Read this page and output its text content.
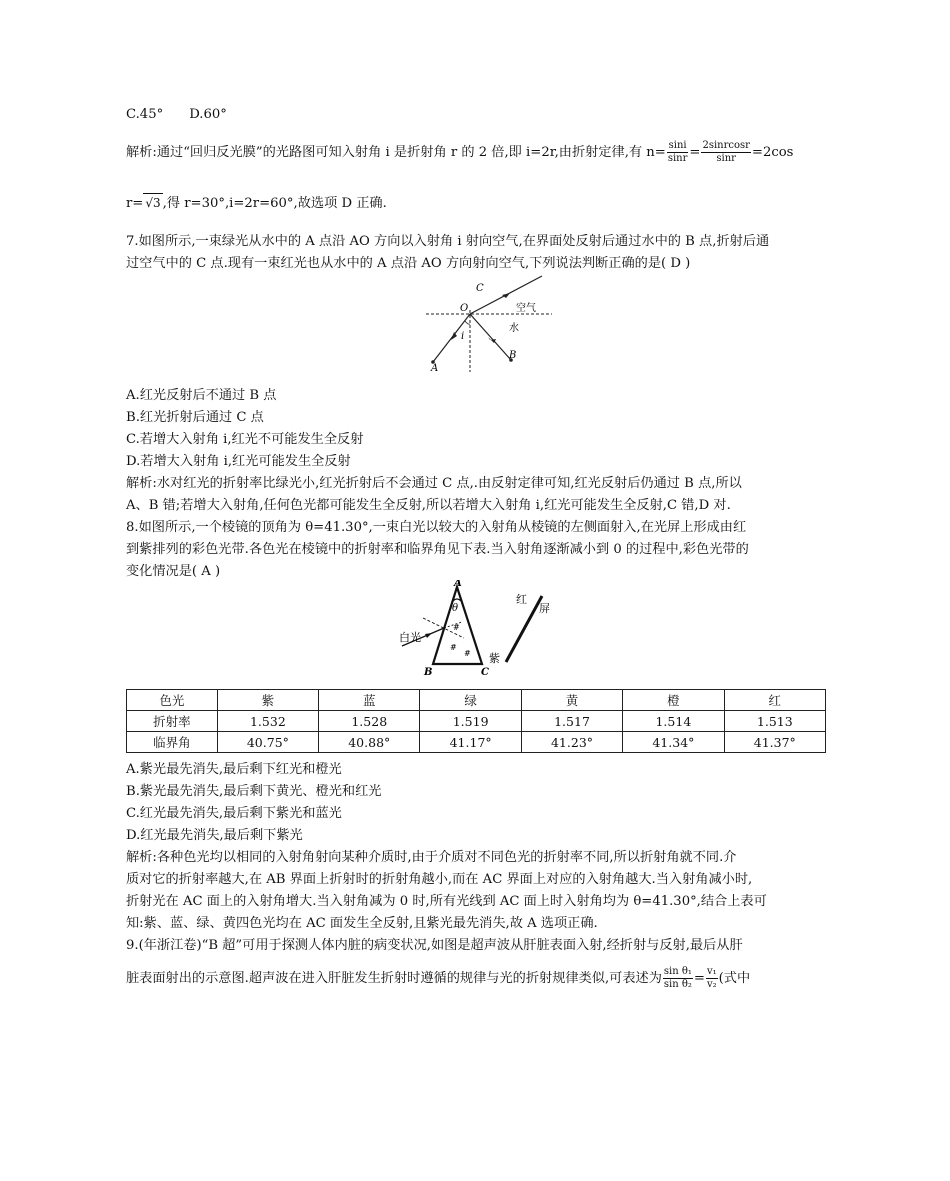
C.45° D.60°
解析:通过“回归反光膜”的光路图可知入射角 i 是折射角 r 的 2 倍,即 i=2r,由折射定律,有 $n= \frac{\sin i}{\sin r} = \frac{\text{2sinrcosr}}{\sin r} =2\cos$
r= √3 ,得 r=30°,i=2r=60°,故选项 D 正确.
7.如图所示,一束绿光从水中的 A 点沿 AO 方向以入射角 i 射向空气,在界面处反射后通过水中的 B 点,折射后通
过空气中的 C 点.现有一束红光也从水中的 A 点沿 AO 方向射向空气,下列说法判断正确的是( D )
O
C
空气
水
i
A
B
A.红光反射后不通过 B 点
B.红光折射后通过 C 点
C.若增大入射角 i,红光不可能发生全反射
D.若增大入射角 i,红光可能发生全反射
解析:水对红光的折射率比绿光小,红光折射后不会通过 C 点,.由反射定律可知,红光反射后仍通过 B 点,所以
A、B 错;若增大入射角,任何色光都可能发生全反射,所以若增大入射角 i,红光可能发生全反射,C 错,D 对.
8.如图所示,一个棱镜的顶角为 θ=41.30°,一束白光以较大的入射角从棱镜的左侧面射入,在光屏上形成由红
到紫排列的彩色光带.各色光在棱镜中的折射率和临界角见下表.当入射角逐渐减小到 0 的过程中,彩色光带的
变化情况是( A )
#
#
#
A
θ
白光
B	C
红
屏
紫
色光	紫	蓝	绿	黄	橙	红
折射率	1.532	1.528	1.519	1.517	1.514	1.513
临界角	40.75°	40.88°	41.17°	41.23°	41.34°	41.37°
A.紫光最先消失,最后剩下红光和橙光
B.紫光最先消失,最后剩下黄光、橙光和红光
C.红光最先消失,最后剩下紫光和蓝光
D.红光最先消失,最后剩下紫光
解析:各种色光均以相同的入射角射向某种介质时,由于介质对不同色光的折射率不同,所以折射角就不同.介
质对它的折射率越大,在 AB 界面上折射时的折射角越小,而在 AC 界面上对应的入射角越大.当入射角减小时,
折射光在 AC 面上的入射角增大.当入射角减为 0 时,所有光线到 AC 面上时入射角均为 θ=41.30°,结合上表可
知:紫、蓝、绿、黄四色光均在 AC 面发生全反射,且紫光最先消失,故 A 选项正确.
9.(年浙江卷)“B 超”可用于探测人体内脏的病变状况,如图是超声波从肝脏表面入射,经折射与反射,最后从肝
脏表面射出的示意图.超声波在进入肝脏发生折射时遵循的规律与光的折射规律类似,可表述为 $\frac{\text{sin θ₁}}{\text{sin θ₂}} = \frac{\text{v₁}}{\text{v₂}}$ (式中
